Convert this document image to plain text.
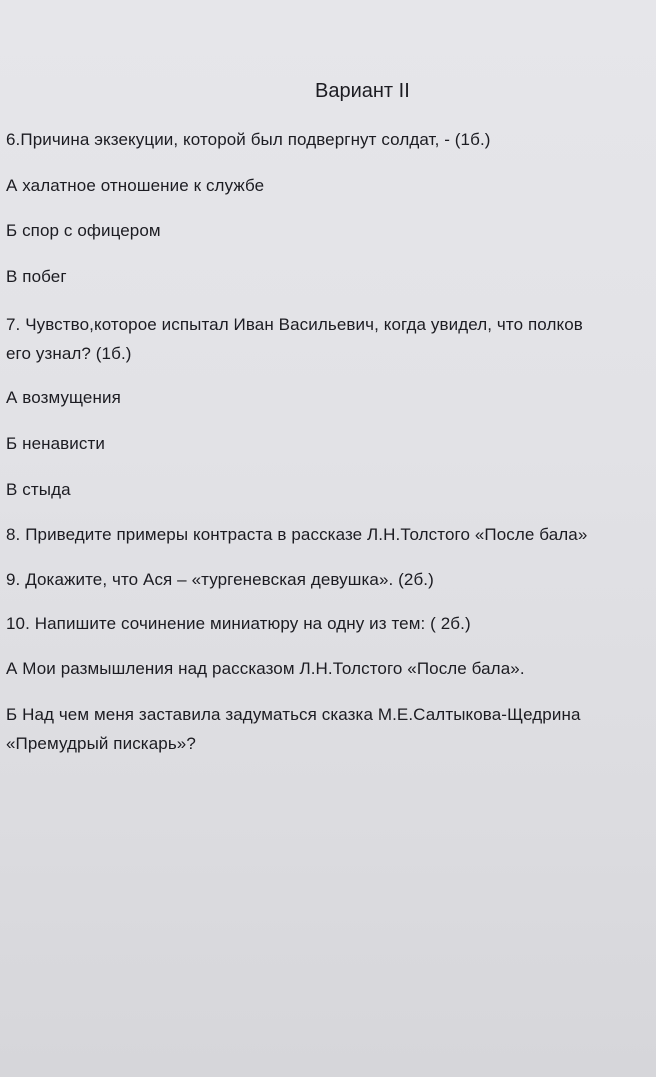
Вариант II
6.Причина экзекуции, которой был подвергнут солдат, - (1б.)
А халатное отношение к службе
Б спор с офицером
В побег
7. Чувство,которое испытал Иван Васильевич, когда увидел, что полков
его узнал? (1б.)
А возмущения
Б ненависти
В стыда
8. Приведите примеры контраста в рассказе Л.Н.Толстого «После бала»
9. Докажите, что Ася – «тургеневская девушка». (2б.)
10. Напишите сочинение миниатюру на одну из тем: ( 2б.)
А Мои размышления над рассказом Л.Н.Толстого «После бала».
Б Над чем меня заставила задуматься сказка М.Е.Салтыкова-Щедрина
«Премудрый пискарь»?
